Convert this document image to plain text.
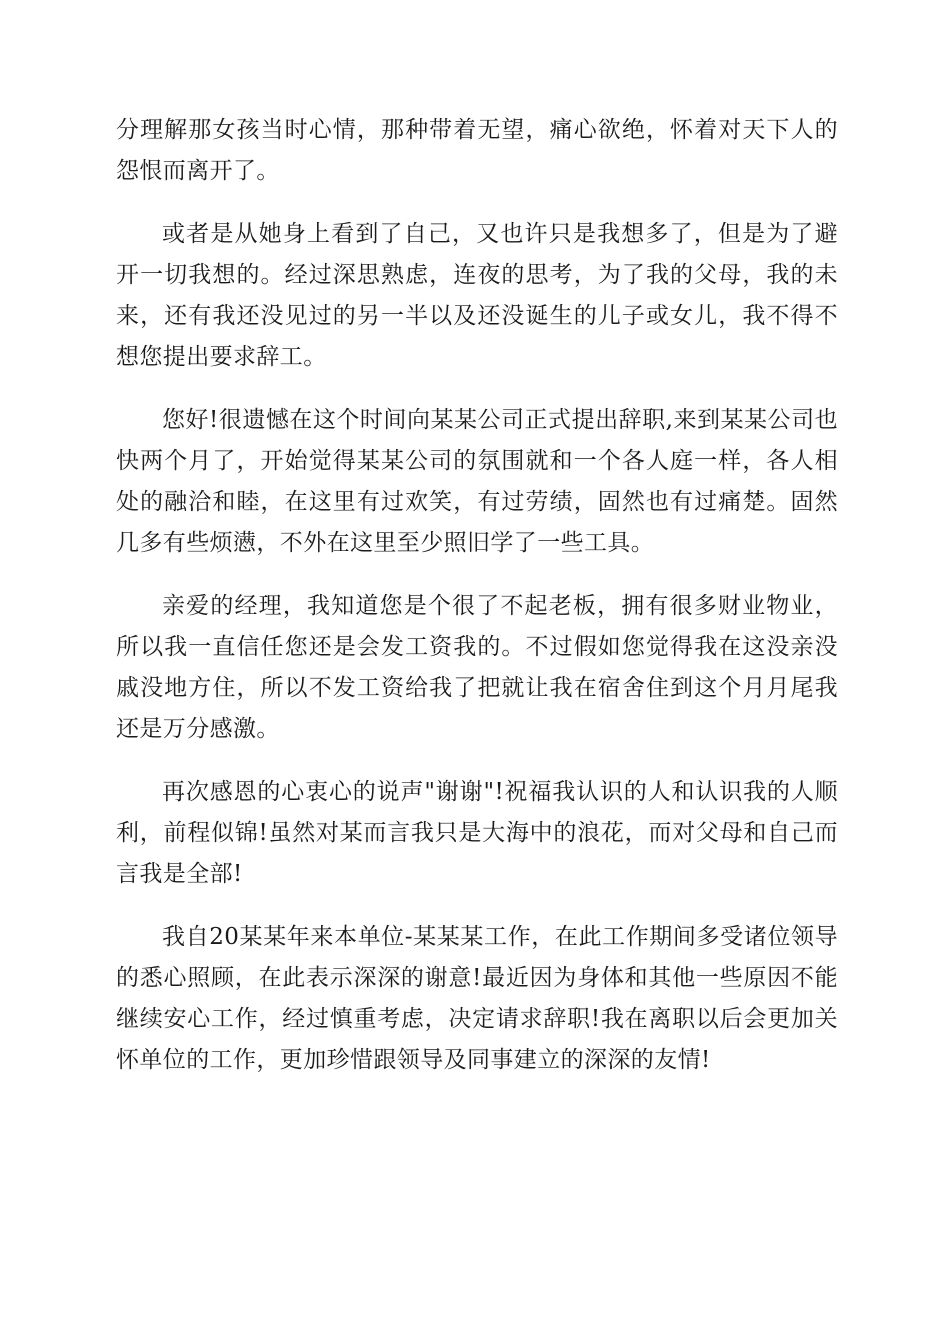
分理解那女孩当时心情，那种带着无望，痛心欲绝，怀着对天下人的怨恨而离开了。

或者是从她身上看到了自己，又也许只是我想多了，但是为了避开一切我想的。经过深思熟虑，连夜的思考，为了我的父母，我的未来，还有我还没见过的另一半以及还没诞生的儿子或女儿，我不得不想您提出要求辞工。

您好!很遗憾在这个时间向某某公司正式提出辞职,来到某某公司也快两个月了，开始觉得某某公司的氛围就和一个各人庭一样，各人相处的融洽和睦，在这里有过欢笑，有过劳绩，固然也有过痛楚。固然几多有些烦懑，不外在这里至少照旧学了一些工具。

亲爱的经理，我知道您是个很了不起老板，拥有很多财业物业，所以我一直信任您还是会发工资我的。不过假如您觉得我在这没亲没戚没地方住，所以不发工资给我了把就让我在宿舍住到这个月月尾我还是万分感激。

再次感恩的心衷心的说声"谢谢"!祝福我认识的人和认识我的人顺利，前程似锦!虽然对某而言我只是大海中的浪花，而对父母和自己而言我是全部!

我自20某某年来本单位-某某某工作，在此工作期间多受诸位领导的悉心照顾，在此表示深深的谢意!最近因为身体和其他一些原因不能继续安心工作，经过慎重考虑，决定请求辞职!我在离职以后会更加关怀单位的工作，更加珍惜跟领导及同事建立的深深的友情!
